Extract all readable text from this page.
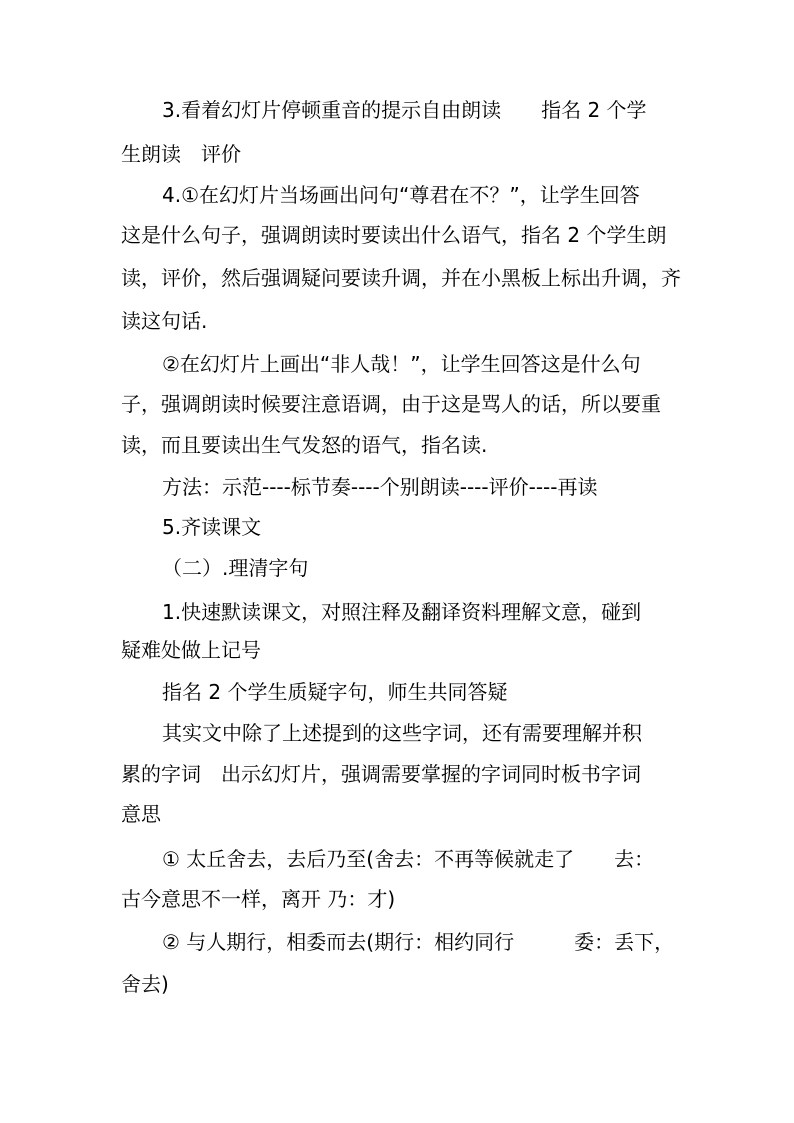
3.看着幻灯片停顿重音的提示自由朗读　　指名 2 个学
生朗读　评价
4.①在幻灯片当场画出问句“尊君在不？”，让学生回答
这是什么句子，强调朗读时要读出什么语气，指名 2 个学生朗
读，评价，然后强调疑问要读升调，并在小黑板上标出升调，齐
读这句话.
②在幻灯片上画出“非人哉！”，让学生回答这是什么句
子，强调朗读时候要注意语调，由于这是骂人的话，所以要重
读，而且要读出生气发怒的语气，指名读.
方法：示范----标节奏----个别朗读----评价----再读
5.齐读课文
（二）.理清字句
1.快速默读课文，对照注释及翻译资料理解文意，碰到
疑难处做上记号
指名 2 个学生质疑字句，师生共同答疑
其实文中除了上述提到的这些字词，还有需要理解并积
累的字词　出示幻灯片，强调需要掌握的字词同时板书字词
意思
① 太丘舍去，去后乃至(舍去：不再等候就走了　　去：
古今意思不一样，离开 乃：才)
② 与人期行，相委而去(期行：相约同行　　　委：丢下，
舍去)
